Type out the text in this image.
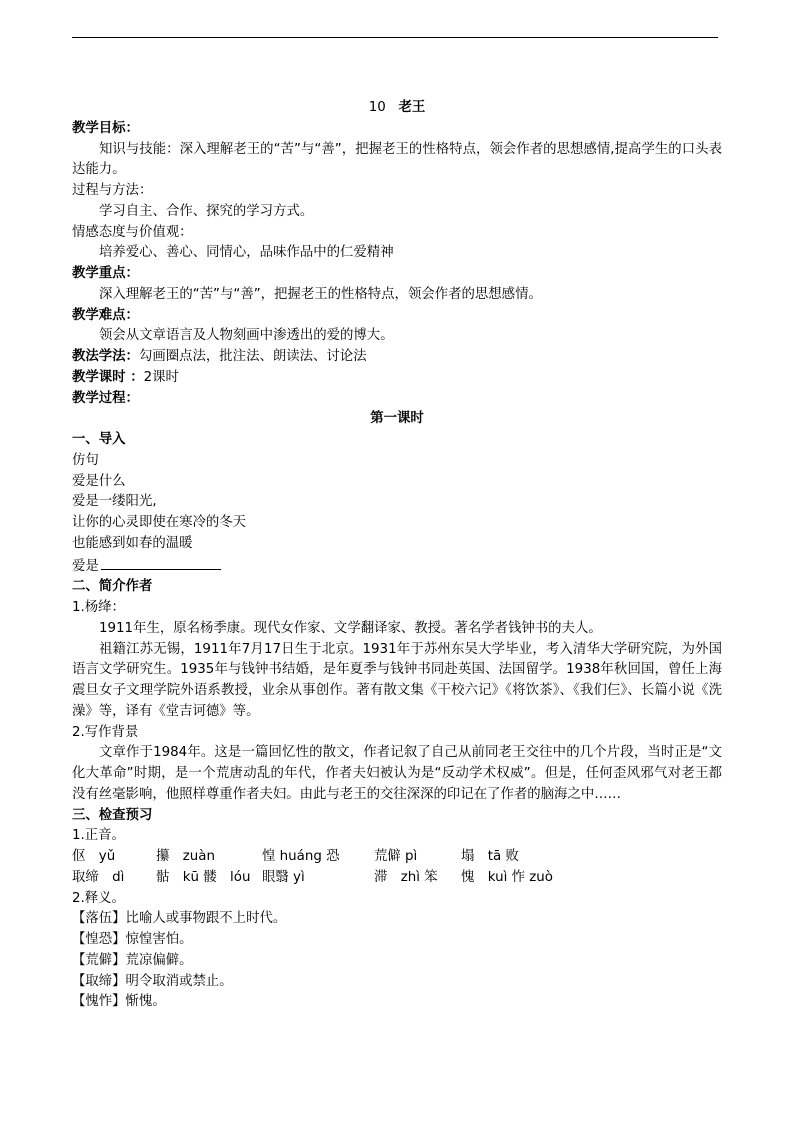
10 老王
教学目标：
知识与技能：深入理解老王的“苦”与“善”，把握老王的性格特点，领会作者的思想感情,提高学生的口头表达能力。
过程与方法：
学习自主、合作、探究的学习方式。
情感态度与价值观：
培养爱心、善心、同情心，品味作品中的仁爱精神
教学重点：
深入理解老王的“苦”与“善”，把握老王的性格特点，领会作者的思想感情。
教学难点：
领会从文章语言及人物刻画中渗透出的爱的博大。
教法学法：勾画圈点法，批注法、朗读法、讨论法
教学课时 ：2课时
教学过程：
第一课时
一、导入
仿句
爱是什么
爱是一缕阳光,
让你的心灵即使在寒冷的冬天
也能感到如春的温暖
爱是
二、简介作者
1.杨绛：
1911年生，原名杨季康。现代女作家、文学翻译家、教授。著名学者钱钟书的夫人。
祖籍江苏无锡，1911年7月17日生于北京。1931年于苏州东吴大学毕业，考入清华大学研究院，为外国语言文学研究生。1935年与钱钟书结婚，是年夏季与钱钟书同赴英国、法国留学。1938年秋回国，曾任上海震旦女子文理学院外语系教授，业余从事创作。著有散文集《干校六记》《将饮茶》、《我们仨》、长篇小说《洗澡》等，译有《堂吉诃德》等。
2.写作背景
文章作于1984年。这是一篇回忆性的散文，作者记叙了自己从前同老王交往中的几个片段，当时正是“文化大革命”时期，是一个荒唐动乱的年代，作者夫妇被认为是“反动学术权威”。但是，任何歪风邪气对老王都没有丝毫影响，他照样尊重作者夫妇。由此与老王的交往深深的印记在了作者的脑海之中……
三、检查预习
1.正音。
伛　yǔ	攥　zuàn	惶 huáng 恐	荒僻 pì	塌　tā 败
取缔　dì	骷　kū 髅　lóu 眼翳 yì	滞　zhì 笨	愧　kuì 怍 zuò
2.释义。
【落伍】比喻人或事物跟不上时代。
【惶恐】惊惶害怕。
【荒僻】荒凉偏僻。
【取缔】明令取消或禁止。
【愧怍】惭愧。
